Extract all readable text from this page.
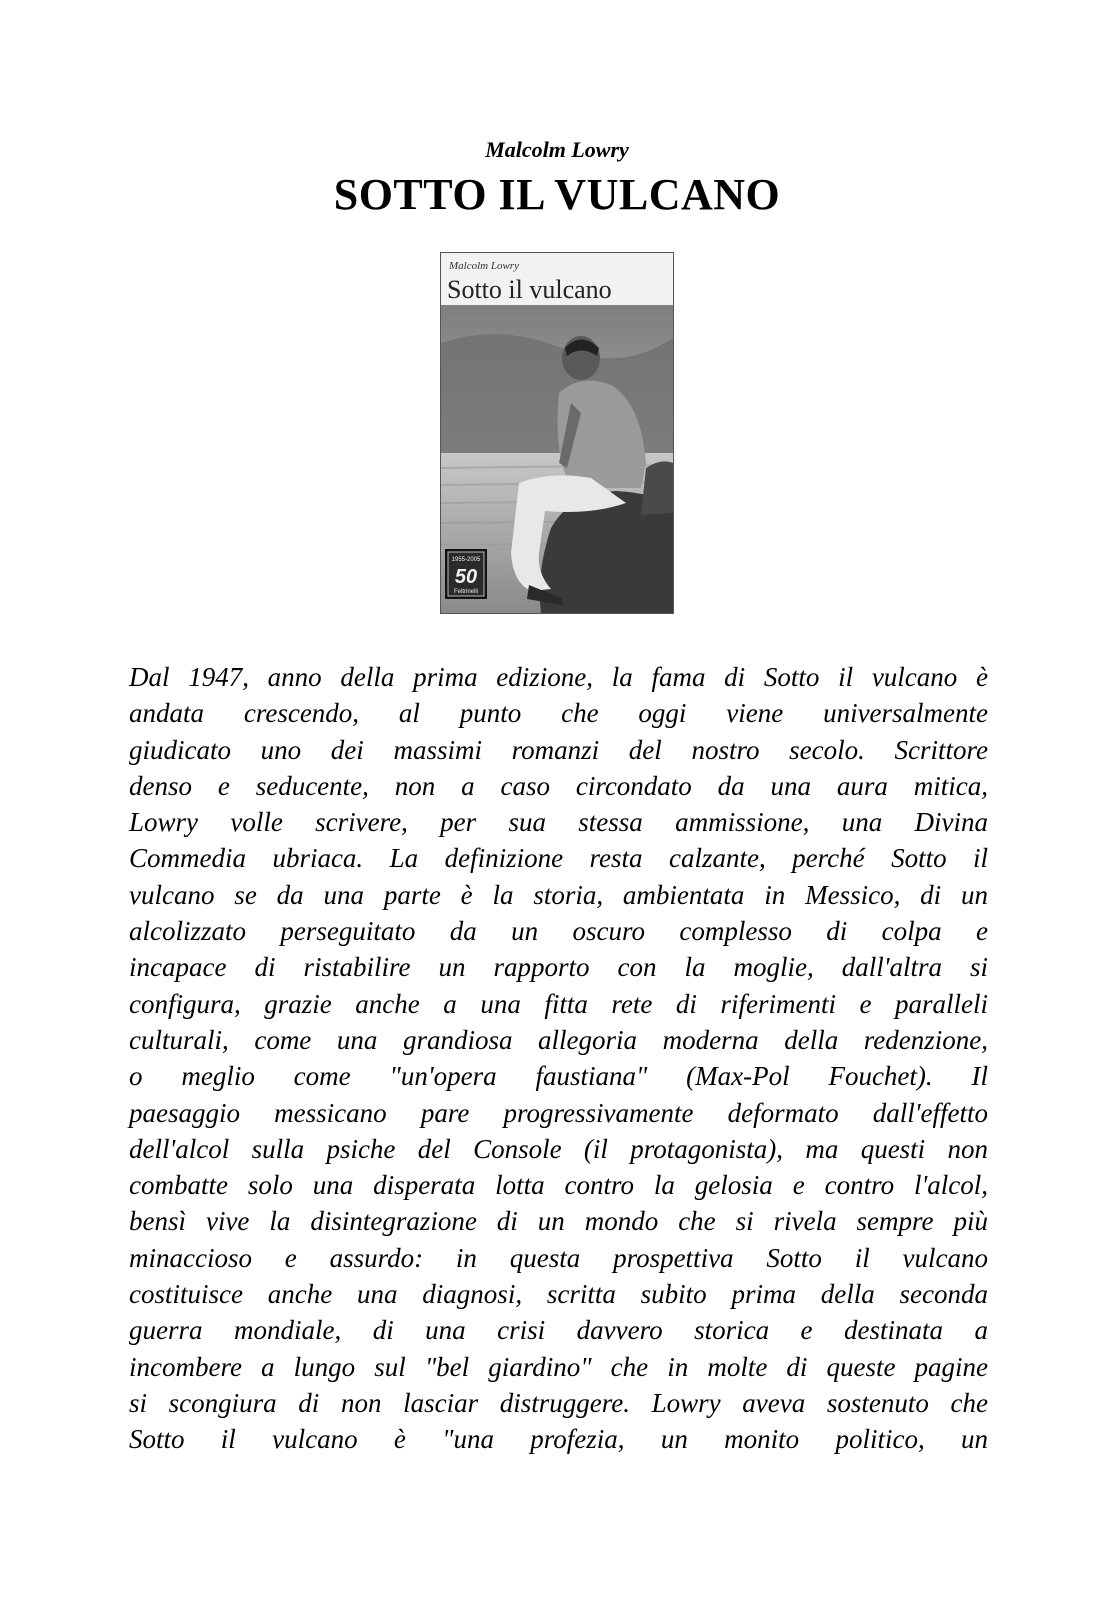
Malcolm Lowry
SOTTO IL VULCANO
Malcolm Lowry
Sotto il vulcano
1955-2005
50
Feltrinelli
Dal 1947, anno della prima edizione, la fama di Sotto il vulcano è
andata crescendo, al punto che oggi viene universalmente
giudicato uno dei massimi romanzi del nostro secolo. Scrittore
denso e seducente, non a caso circondato da una aura mitica,
Lowry volle scrivere, per sua stessa ammissione, una Divina
Commedia ubriaca. La definizione resta calzante, perché Sotto il
vulcano se da una parte è la storia, ambientata in Messico, di un
alcolizzato perseguitato da un oscuro complesso di colpa e
incapace di ristabilire un rapporto con la moglie, dall'altra si
configura, grazie anche a una fitta rete di riferimenti e paralleli
culturali, come una grandiosa allegoria moderna della redenzione,
o meglio come "un'opera faustiana" (Max-Pol Fouchet). Il
paesaggio messicano pare progressivamente deformato dall'effetto
dell'alcol sulla psiche del Console (il protagonista), ma questi non
combatte solo una disperata lotta contro la gelosia e contro l'alcol,
bensì vive la disintegrazione di un mondo che si rivela sempre più
minaccioso e assurdo: in questa prospettiva Sotto il vulcano
costituisce anche una diagnosi, scritta subito prima della seconda
guerra mondiale, di una crisi davvero storica e destinata a
incombere a lungo sul "bel giardino" che in molte di queste pagine
si scongiura di non lasciar distruggere. Lowry aveva sostenuto che
Sotto il vulcano è "una profezia, un monito politico, un
